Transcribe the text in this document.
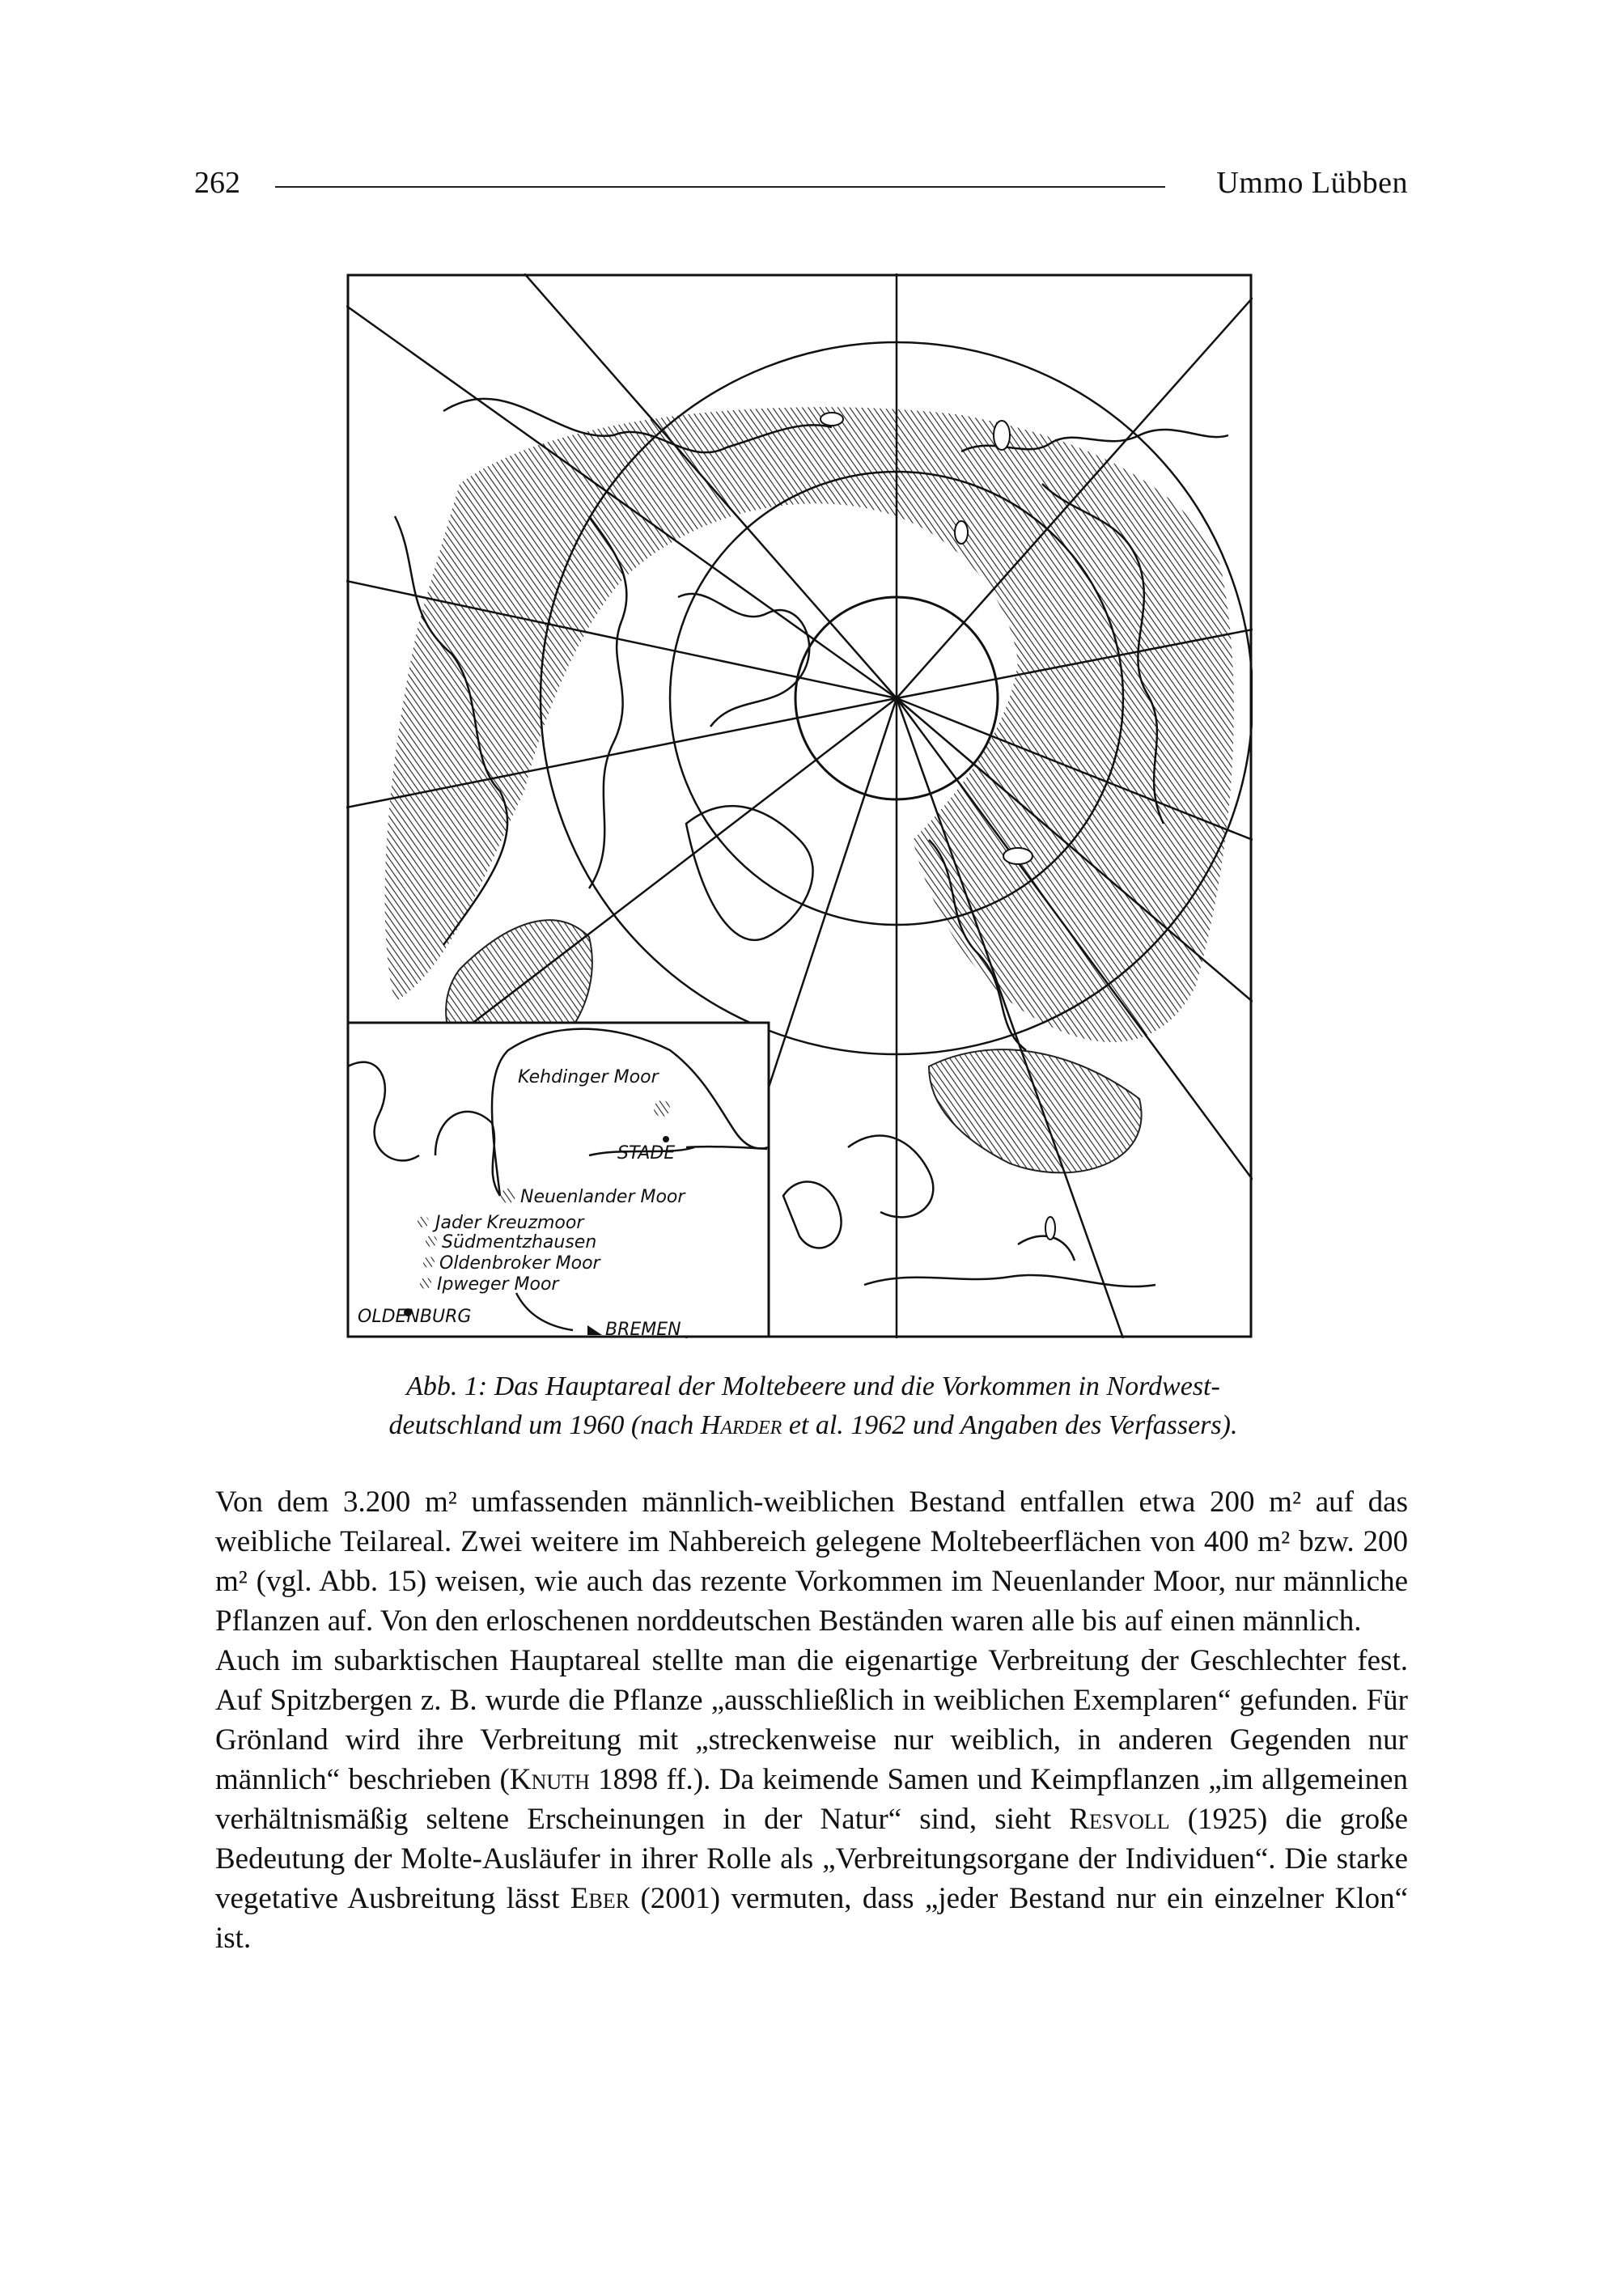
262	Ummo Lübben
Kehdinger Moor
STADE
Neuenlander Moor
Jader Kreuzmoor
Südmentzhausen
Oldenbroker Moor
Ipweger Moor
OLDENBURG
BREMEN
Abb. 1: Das Hauptareal der Moltebeere und die Vorkommen in Nordwest-
deutschland um 1960 (nach Harder et al. 1962 und Angaben des Verfassers).

Von dem 3.200 m² umfassenden männlich-weiblichen Bestand entfallen etwa 200 m² auf das weibliche Teilareal. Zwei weitere im Nahbereich gelegene Moltebeerflächen von 400 m² bzw. 200 m² (vgl. Abb. 15) weisen, wie auch das rezente Vorkommen im Neuenlander Moor, nur männliche Pflanzen auf. Von den erloschenen norddeutschen Beständen waren alle bis auf einen männlich.

Auch im subarktischen Hauptareal stellte man die eigenartige Verbreitung der Geschlechter fest. Auf Spitzbergen z. B. wurde die Pflanze „ausschließlich in weiblichen Exemplaren“ gefunden. Für Grönland wird ihre Verbreitung mit „streckenweise nur weiblich, in anderen Gegenden nur männlich“ beschrieben (Knuth 1898 ff.). Da keimende Samen und Keimpflanzen „im allgemeinen verhältnismäßig seltene Erscheinungen in der Natur“ sind, sieht Resvoll (1925) die große Bedeutung der Molte-Ausläufer in ihrer Rolle als „Verbreitungsorgane der Individuen“. Die starke vegetative Ausbreitung lässt Eber (2001) vermuten, dass „jeder Bestand nur ein einzelner Klon“ ist.
